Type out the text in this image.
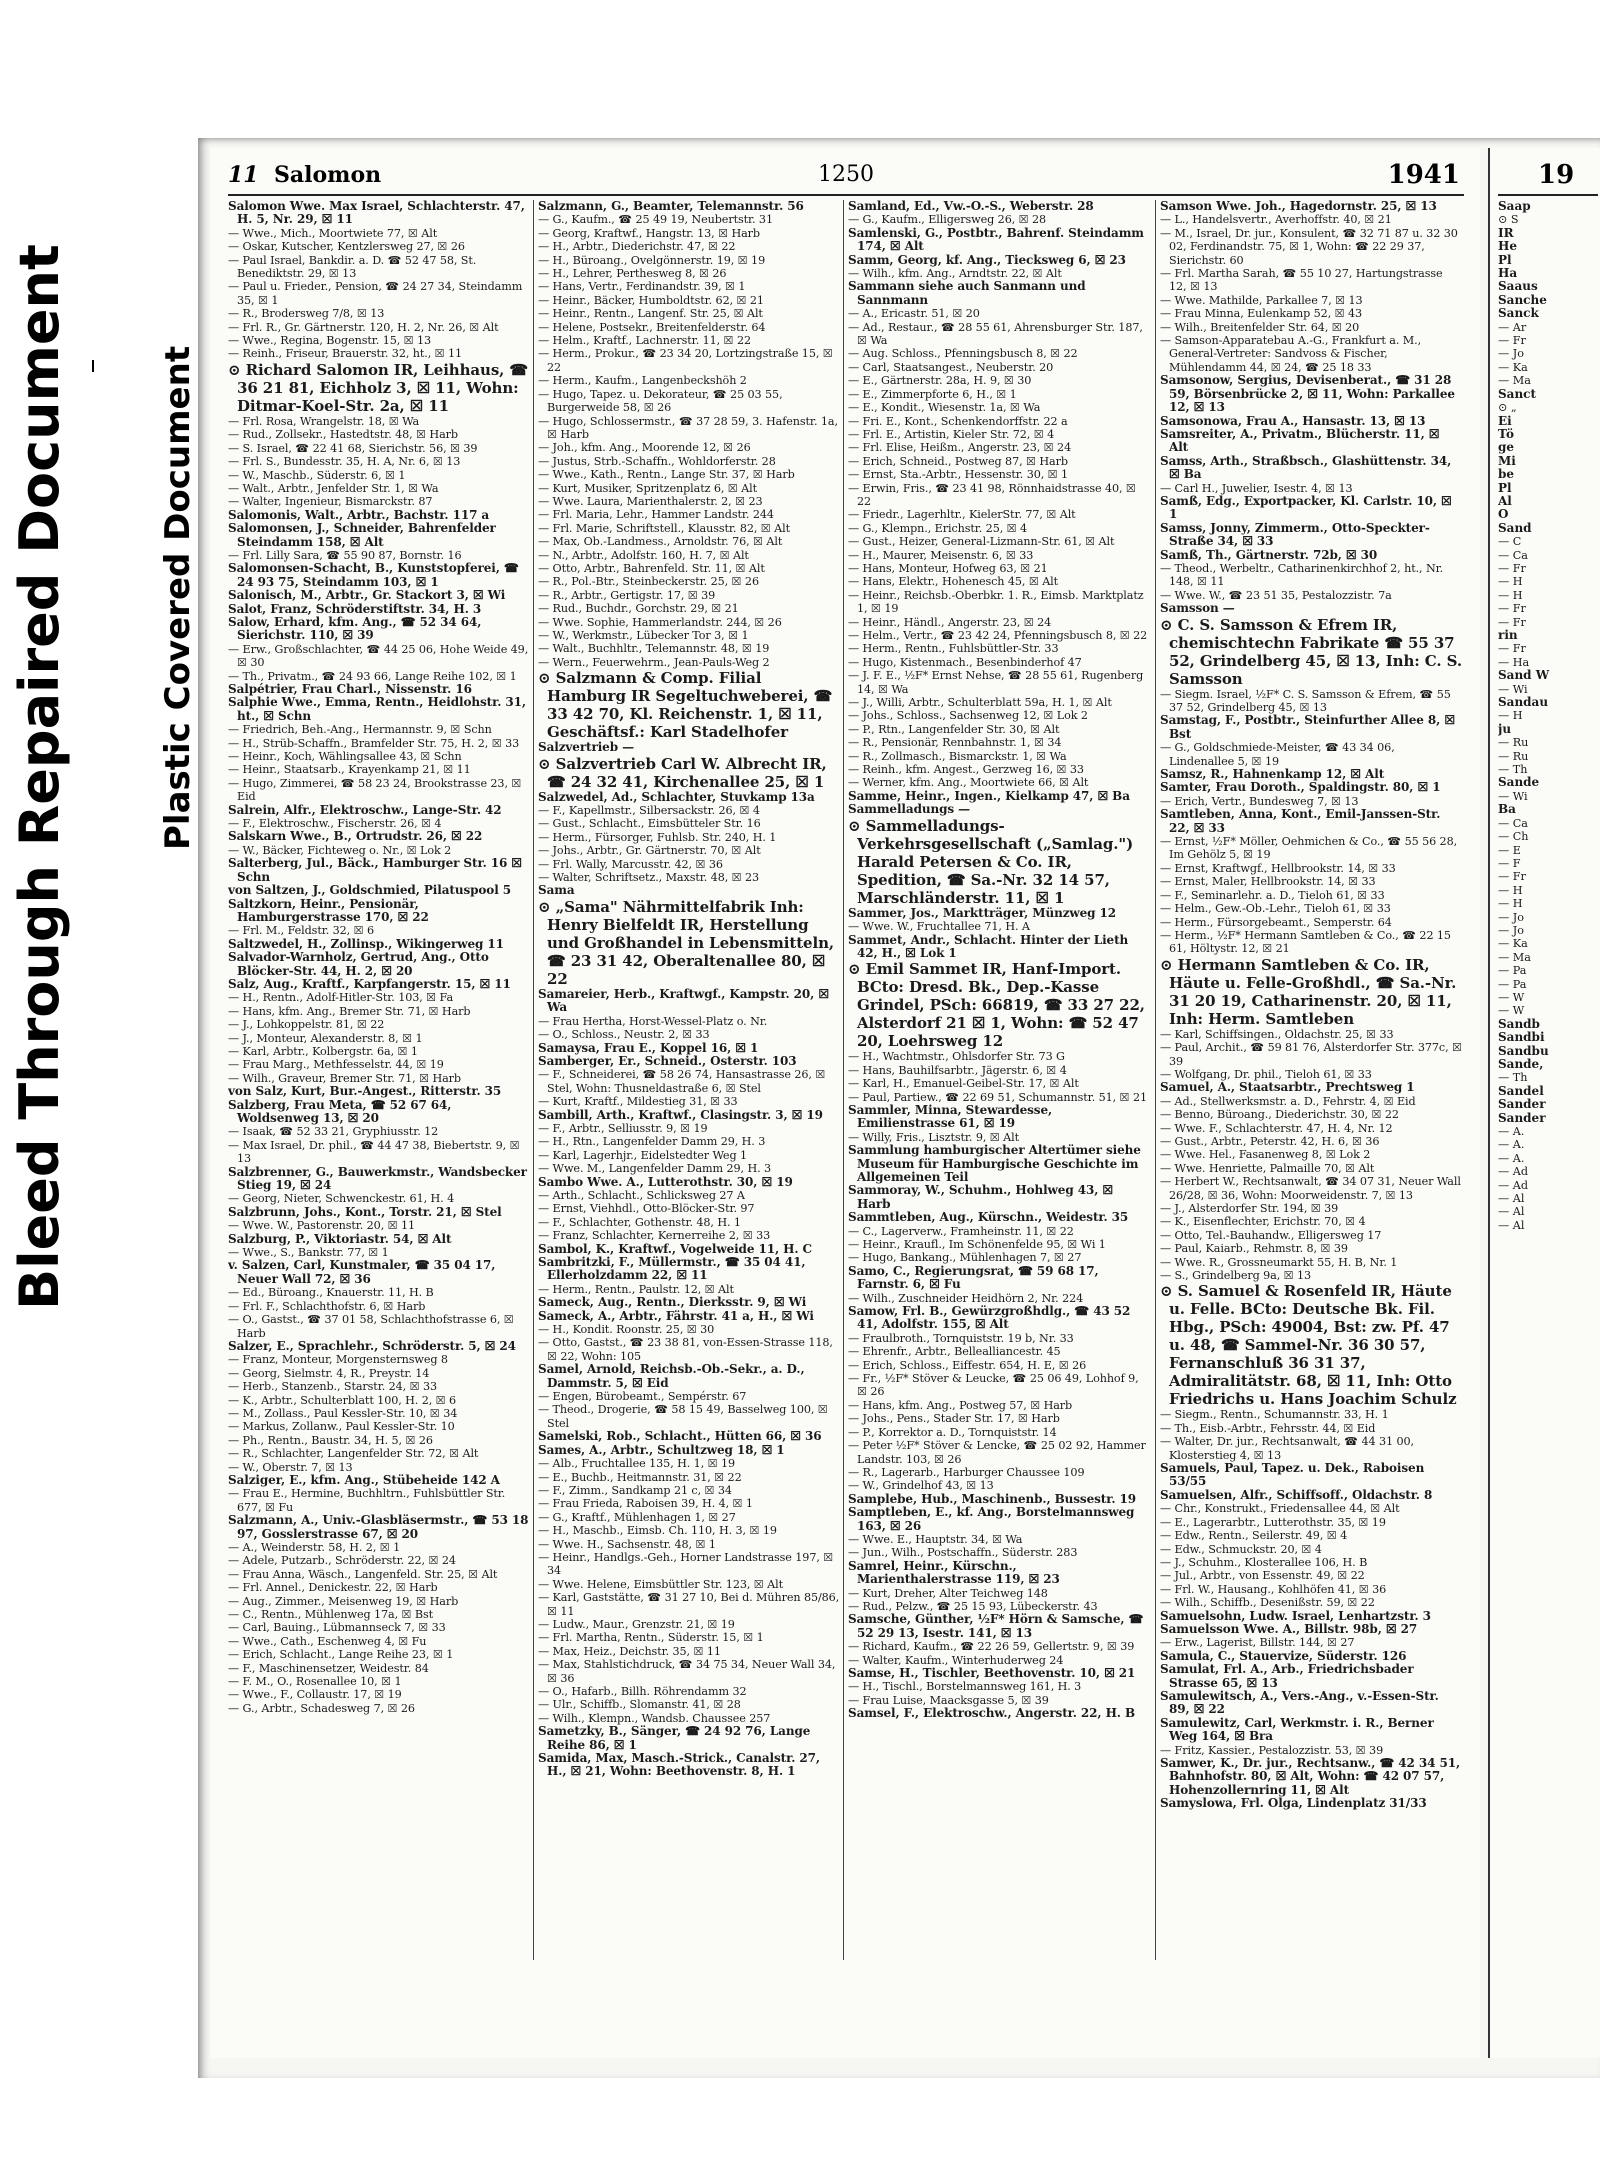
Bleed Through Repaired Document	Plastic Covered Document
11 Salomon	1250	1941

Salomon Wwe. Max Israel, Schlachterstr. 47, H. 5, Nr. 29, ☒ 11

— Wwe., Mich., Moortwiete 77, ☒ Alt

— Oskar, Kutscher, Kentzlersweg 27, ☒ 26

— Paul Israel, Bankdir. a. D. ☎ 52 47 58, St. Benediktstr. 29, ☒ 13

— Paul u. Frieder., Pension, ☎ 24 27 34, Steindamm 35, ☒ 1

— R., Brodersweg 7/8, ☒ 13

— Frl. R., Gr. Gärtnerstr. 120, H. 2, Nr. 26, ☒ Alt

— Wwe., Regina, Bogenstr. 15, ☒ 13

— Reinh., Friseur, Brauerstr. 32, ht., ☒ 11

⊙ Richard Salomon IR, Leihhaus, ☎ 36 21 81, Eichholz 3, ☒ 11, Wohn: Ditmar-Koel-Str. 2a, ☒ 11

— Frl. Rosa, Wrangelstr. 18, ☒ Wa

— Rud., Zollsekr., Hastedtstr. 48, ☒ Harb

— S. Israel, ☎ 22 41 68, Sierichstr. 56, ☒ 39

— Frl. S., Bundesstr. 35, H. A, Nr. 6, ☒ 13

— W., Maschb., Süderstr. 6, ☒ 1

— Walt., Arbtr., Jenfelder Str. 1, ☒ Wa

— Walter, Ingenieur, Bismarckstr. 87

Salomonis, Walt., Arbtr., Bachstr. 117 a

Salomonsen, J., Schneider, Bahrenfelder Steindamm 158, ☒ Alt

— Frl. Lilly Sara, ☎ 55 90 87, Bornstr. 16

Salomonsen-Schacht, B., Kunststopferei, ☎ 24 93 75, Steindamm 103, ☒ 1

Salonisch, M., Arbtr., Gr. Stackort 3, ☒ Wi

Salot, Franz, Schröderstiftstr. 34, H. 3

Salow, Erhard, kfm. Ang., ☎ 52 34 64, Sierichstr. 110, ☒ 39

— Erw., Großschlachter, ☎ 44 25 06, Hohe Weide 49, ☒ 30

— Th., Privatm., ☎ 24 93 66, Lange Reihe 102, ☒ 1

Salpétrier, Frau Charl., Nissenstr. 16

Salphie Wwe., Emma, Rentn., Heidlohstr. 31, ht., ☒ Schn

— Friedrich, Beh.-Ang., Hermannstr. 9, ☒ Schn

— H., Strüb-Schaffn., Bramfelder Str. 75, H. 2, ☒ 33

— Heinr., Koch, Wählingsallee 43, ☒ Schn

— Heinr., Staatsarb., Krayenkamp 21, ☒ 11

— Hugo, Zimmerei, ☎ 58 23 24, Brookstrasse 23, ☒ Eid

Salrein, Alfr., Elektroschw., Lange-Str. 42

— F., Elektroschw., Fischerstr. 26, ☒ 4

Salskarn Wwe., B., Ortrudstr. 26, ☒ 22

— W., Bäcker, Fichteweg o. Nr., ☒ Lok 2

Salterberg, Jul., Bäck., Hamburger Str. 16 ☒ Schn

von Saltzen, J., Goldschmied, Pilatuspool 5

Saltzkorn, Heinr., Pensionär, Hamburgerstrasse 170, ☒ 22

— Frl. M., Feldstr. 32, ☒ 6

Saltzwedel, H., Zollinsp., Wikingerweg 11

Salvador-Warnholz, Gertrud, Ang., Otto Blöcker-Str. 44, H. 2, ☒ 20

Salz, Aug., Kraftf., Karpfangerstr. 15, ☒ 11

— H., Rentn., Adolf-Hitler-Str. 103, ☒ Fa

— Hans, kfm. Ang., Bremer Str. 71, ☒ Harb

— J., Lohkoppelstr. 81, ☒ 22

— J., Monteur, Alexanderstr. 8, ☒ 1

— Karl, Arbtr., Kolbergstr. 6a, ☒ 1

— Frau Marg., Methfesselstr. 44, ☒ 19

— Wilh., Graveur, Bremer Str. 71, ☒ Harb

von Salz, Kurt, Bur.-Angest., Ritterstr. 35

Salzberg, Frau Meta, ☎ 52 67 64, Woldsenweg 13, ☒ 20

— Isaak, ☎ 52 33 21, Gryphiusstr. 12

— Max Israel, Dr. phil., ☎ 44 47 38, Biebertstr. 9, ☒ 13

Salzbrenner, G., Bauwerkmstr., Wandsbecker Stieg 19, ☒ 24

— Georg, Nieter, Schwenckestr. 61, H. 4

Salzbrunn, Johs., Kont., Torstr. 21, ☒ Stel

— Wwe. W., Pastorenstr. 20, ☒ 11

Salzburg, P., Viktoriastr. 54, ☒ Alt

— Wwe., S., Bankstr. 77, ☒ 1

v. Salzen, Carl, Kunstmaler, ☎ 35 04 17, Neuer Wall 72, ☒ 36

— Ed., Büroang., Knauerstr. 11, H. B

— Frl. F., Schlachthofstr. 6, ☒ Harb

— O., Gastst., ☎ 37 01 58, Schlachthofstrasse 6, ☒ Harb

Salzer, E., Sprachlehr., Schröderstr. 5, ☒ 24

— Franz, Monteur, Morgensternsweg 8

— Georg, Sielmstr. 4, R., Preystr. 14

— Herb., Stanzenb., Starstr. 24, ☒ 33

— K., Arbtr., Schulterblatt 100, H. 2, ☒ 6

— M., Zollass., Paul Kessler-Str. 10, ☒ 34

— Markus, Zollanw., Paul Kessler-Str. 10

— Ph., Rentn., Baustr. 34, H. 5, ☒ 26

— R., Schlachter, Langenfelder Str. 72, ☒ Alt

— W., Oberstr. 7, ☒ 13

Salziger, E., kfm. Ang., Stübeheide 142 A

— Frau E., Hermine, Buchhltrn., Fuhlsbüttler Str. 677, ☒ Fu

Salzmann, A., Univ.-Glasbläsermstr., ☎ 53 18 97, Gosslerstrasse 67, ☒ 20

— A., Weinderstr. 58, H. 2, ☒ 1

— Adele, Putzarb., Schröderstr. 22, ☒ 24

— Frau Anna, Wäsch., Langenfeld. Str. 25, ☒ Alt

— Frl. Annel., Denickestr. 22, ☒ Harb

— Aug., Zimmer., Meisenweg 19, ☒ Harb

— C., Rentn., Mühlenweg 17a, ☒ Bst

— Carl, Bauing., Lübmannseck 7, ☒ 33

— Wwe., Cath., Eschenweg 4, ☒ Fu

— Erich, Schlacht., Lange Reihe 23, ☒ 1

— F., Maschinensetzer, Weidestr. 84

— F. M., O., Rosenallee 10, ☒ 1

— Wwe., F., Collaustr. 17, ☒ 19

— G., Arbtr., Schadesweg 7, ☒ 26

Salzmann, G., Beamter, Telemannstr. 56

— G., Kaufm., ☎ 25 49 19, Neubertstr. 31

— Georg, Kraftwf., Hangstr. 13, ☒ Harb

— H., Arbtr., Diederichstr. 47, ☒ 22

— H., Büroang., Ovelgönnerstr. 19, ☒ 19

— H., Lehrer, Perthesweg 8, ☒ 26

— Hans, Vertr., Ferdinandstr. 39, ☒ 1

— Heinr., Bäcker, Humboldtstr. 62, ☒ 21

— Heinr., Rentn., Langenf. Str. 25, ☒ Alt

— Helene, Postsekr., Breitenfelderstr. 64

— Helm., Kraftf., Lachnerstr. 11, ☒ 22

— Herm., Prokur., ☎ 23 34 20, Lortzingstraße 15, ☒ 22

— Herm., Kaufm., Langenbeckshöh 2

— Hugo, Tapez. u. Dekorateur, ☎ 25 03 55, Burgerweide 58, ☒ 26

— Hugo, Schlossermstr., ☎ 37 28 59, 3. Hafenstr. 1a, ☒ Harb

— Joh., kfm. Ang., Moorende 12, ☒ 26

— Justus, Strb.-Schaffn., Wohldorferstr. 28

— Wwe., Kath., Rentn., Lange Str. 37, ☒ Harb

— Kurt, Musiker, Spritzenplatz 6, ☒ Alt

— Wwe. Laura, Marienthalerstr. 2, ☒ 23

— Frl. Maria, Lehr., Hammer Landstr. 244

— Frl. Marie, Schriftstell., Klausstr. 82, ☒ Alt

— Max, Ob.-Landmess., Arnoldstr. 76, ☒ Alt

— N., Arbtr., Adolfstr. 160, H. 7, ☒ Alt

— Otto, Arbtr., Bahrenfeld. Str. 11, ☒ Alt

— R., Pol.-Btr., Steinbeckerstr. 25, ☒ 26

— R., Arbtr., Gertigstr. 17, ☒ 39

— Rud., Buchdr., Gorchstr. 29, ☒ 21

— Wwe. Sophie, Hammerlandstr. 244, ☒ 26

— W., Werkmstr., Lübecker Tor 3, ☒ 1

— Walt., Buchhltr., Telemannstr. 48, ☒ 19

— Wern., Feuerwehrm., Jean-Pauls-Weg 2

⊙ Salzmann & Comp. Filial Hamburg IR Segeltuchweberei, ☎ 33 42 70, Kl. Reichenstr. 1, ☒ 11, Geschäftsf.: Karl Stadelhofer

Salzvertrieb —

⊙ Salzvertrieb Carl W. Albrecht IR, ☎ 24 32 41, Kirchenallee 25, ☒ 1

Salzwedel, Ad., Schlachter, Stuvkamp 13a

— F., Kapellmstr., Silbersackstr. 26, ☒ 4

— Gust., Schlacht., Eimsbütteler Str. 16

— Herm., Fürsorger, Fuhlsb. Str. 240, H. 1

— Johs., Arbtr., Gr. Gärtnerstr. 70, ☒ Alt

— Frl. Wally, Marcusstr. 42, ☒ 36

— Walter, Schriftsetz., Maxstr. 48, ☒ 23

Sama

⊙ „Sama" Nährmittelfabrik Inh: Henry Bielfeldt IR, Herstellung und Großhandel in Lebensmitteln, ☎ 23 31 42, Oberaltenallee 80, ☒ 22

Samareier, Herb., Kraftwgf., Kampstr. 20, ☒ Wa

— Frau Hertha, Horst-Wessel-Platz o. Nr.

— O., Schloss., Neustr. 2, ☒ 33

Samaysa, Frau E., Koppel 16, ☒ 1

Samberger, Er., Schneid., Osterstr. 103

— F., Schneiderei, ☎ 58 26 74, Hansastrasse 26, ☒ Stel, Wohn: Thusneldastraße 6, ☒ Stel

— Kurt, Kraftf., Mildestieg 31, ☒ 33

Sambill, Arth., Kraftwf., Clasingstr. 3, ☒ 19

— F., Arbtr., Selliusstr. 9, ☒ 19

— H., Rtn., Langenfelder Damm 29, H. 3

— Karl, Lagerhjr., Eidelstedter Weg 1

— Wwe. M., Langenfelder Damm 29, H. 3

Sambo Wwe. A., Lutterothstr. 30, ☒ 19

— Arth., Schlacht., Schlicksweg 27 A

— Ernst, Viehhdl., Otto-Blöcker-Str. 97

— F., Schlachter, Gothenstr. 48, H. 1

— Franz, Schlachter, Kernerreihe 2, ☒ 33

Sambol, K., Kraftwf., Vogelweide 11, H. C

Sambritzki, F., Müllermstr., ☎ 35 04 41, Ellerholzdamm 22, ☒ 11

— Herm., Rentn., Paulstr. 12, ☒ Alt

Sameck, Aug., Rentn., Dierksstr. 9, ☒ Wi

Sameck, A., Arbtr., Fährstr. 41 a, H., ☒ Wi

— H., Kondit. Roonstr. 25, ☒ 30

— Otto, Gastst., ☎ 23 38 81, von-Essen-Strasse 118, ☒ 22, Wohn: 105

Samel, Arnold, Reichsb.-Ob.-Sekr., a. D., Dammstr. 5, ☒ Eid

— Engen, Bürobeamt., Sempérstr. 67

— Theod., Drogerie, ☎ 58 15 49, Basselweg 100, ☒ Stel

Samelski, Rob., Schlacht., Hütten 66, ☒ 36

Sames, A., Arbtr., Schultzweg 18, ☒ 1

— Alb., Fruchtallee 135, H. 1, ☒ 19

— E., Buchb., Heitmannstr. 31, ☒ 22

— F., Zimm., Sandkamp 21 c, ☒ 34

— Frau Frieda, Raboisen 39, H. 4, ☒ 1

— G., Kraftf., Mühlenhagen 1, ☒ 27

— H., Maschb., Eimsb. Ch. 110, H. 3, ☒ 19

— Wwe. H., Sachsenstr. 48, ☒ 1

— Heinr., Handlgs.-Geh., Horner Landstrasse 197, ☒ 34

— Wwe. Helene, Eimsbüttler Str. 123, ☒ Alt

— Karl, Gaststätte, ☎ 31 27 10, Bei d. Mühren 85/86, ☒ 11

— Ludw., Maur., Grenzstr. 21, ☒ 19

— Frl. Martha, Rentn., Süderstr. 15, ☒ 1

— Max, Heiz., Deichstr. 35, ☒ 11

— Max, Stahlstichdruck, ☎ 34 75 34, Neuer Wall 34, ☒ 36

— O., Hafarb., Billh. Röhrendamm 32

— Ulr., Schiffb., Slomanstr. 41, ☒ 28

— Wilh., Klempn., Wandsb. Chaussee 257

Sametzky, B., Sänger, ☎ 24 92 76, Lange Reihe 86, ☒ 1

Samida, Max, Masch.-Strick., Canalstr. 27, H., ☒ 21, Wohn: Beethovenstr. 8, H. 1

Samland, Ed., Vw.-O.-S., Weberstr. 28

— G., Kaufm., Elligersweg 26, ☒ 28

Samlenski, G., Postbtr., Bahrenf. Steindamm 174, ☒ Alt

Samm, Georg, kf. Ang., Tiecksweg 6, ☒ 23

— Wilh., kfm. Ang., Arndtstr. 22, ☒ Alt

Sammann siehe auch Sanmann und Sannmann

— A., Ericastr. 51, ☒ 20

— Ad., Restaur., ☎ 28 55 61, Ahrensburger Str. 187, ☒ Wa

— Aug. Schloss., Pfenningsbusch 8, ☒ 22

— Carl, Staatsangest., Neuberstr. 20

— E., Gärtnerstr. 28a, H. 9, ☒ 30

— E., Zimmerpforte 6, H., ☒ 1

— E., Kondit., Wiesenstr. 1a, ☒ Wa

— Fri. E., Kont., Schenkendorffstr. 22 a

— Frl. E., Artistin, Kieler Str. 72, ☒ 4

— Frl. Elise, Heißm., Angerstr. 23, ☒ 24

— Erich, Schneid., Postweg 87, ☒ Harb

— Ernst, Sta.-Arbtr., Hessenstr. 30, ☒ 1

— Erwin, Fris., ☎ 23 41 98, Rönnhaidstrasse 40, ☒ 22

— Friedr., Lagerhltr., KielerStr. 77, ☒ Alt

— G., Klempn., Erichstr. 25, ☒ 4

— Gust., Heizer, General-Lizmann-Str. 61, ☒ Alt

— H., Maurer, Meisenstr. 6, ☒ 33

— Hans, Monteur, Hofweg 63, ☒ 21

— Hans, Elektr., Hohenesch 45, ☒ Alt

— Heinr., Reichsb.-Oberbkr. 1. R., Eimsb. Marktplatz 1, ☒ 19

— Heinr., Händl., Angerstr. 23, ☒ 24

— Helm., Vertr., ☎ 23 42 24, Pfenningsbusch 8, ☒ 22

— Herm., Rentn., Fuhlsbüttler-Str. 33

— Hugo, Kistenmach., Besenbinderhof 47

— J. F. E., ½F* Ernst Nehse, ☎ 28 55 61, Rugenberg 14, ☒ Wa

— J., Willi, Arbtr., Schulterblatt 59a, H. 1, ☒ Alt

— Johs., Schloss., Sachsenweg 12, ☒ Lok 2

— P., Rtn., Langenfelder Str. 30, ☒ Alt

— R., Pensionär, Rennbahnstr. 1, ☒ 34

— R., Zollmasch., Bismarckstr. 1, ☒ Wa

— Reinh., kfm. Angest., Gerzweg 16, ☒ 33

— Werner, kfm. Ang., Moortwiete 66, ☒ Alt

Samme, Heinr., Ingen., Kielkamp 47, ☒ Ba

Sammelladungs —

⊙ Sammelladungs-Verkehrsgesellschaft („Samlag.") Harald Petersen & Co. IR, Spedition, ☎ Sa.-Nr. 32 14 57, Marschländerstr. 11, ☒ 1

Sammer, Jos., Marktträger, Münzweg 12

— Wwe. W., Fruchtallee 71, H. A

Sammet, Andr., Schlacht. Hinter der Lieth 42, H., ☒ Lok 1

⊙ Emil Sammet IR, Hanf-Import. BCto: Dresd. Bk., Dep.-Kasse Grindel, PSch: 66819, ☎ 33 27 22, Alsterdorf 21 ☒ 1, Wohn: ☎ 52 47 20, Loehrsweg 12

— H., Wachtmstr., Ohlsdorfer Str. 73 G

— Hans, Bauhilfsarbtr., Jägerstr. 6, ☒ 4

— Karl, H., Emanuel-Geibel-Str. 17, ☒ Alt

— Paul, Partiew., ☎ 22 69 51, Schumannstr. 51, ☒ 21

Sammler, Minna, Stewardesse, Emilienstrasse 61, ☒ 19

— Willy, Fris., Lisztstr. 9, ☒ Alt

Sammlung hamburgischer Altertümer siehe Museum für Hamburgische Geschichte im Allgemeinen Teil

Sammoray, W., Schuhm., Hohlweg 43, ☒ Harb

Sammtleben, Aug., Kürschn., Weidestr. 35

— C., Lagerverw., Framheinstr. 11, ☒ 22

— Heinr., Kraufl., Im Schönenfelde 95, ☒ Wi 1

— Hugo, Bankang., Mühlenhagen 7, ☒ 27

Samo, C., Regierungsrat, ☎ 59 68 17, Farnstr. 6, ☒ Fu

— Wilh., Zuschneider Heidhörn 2, Nr. 224

Samow, Frl. B., Gewürzgroßhdlg., ☎ 43 52 41, Adolfstr. 155, ☒ Alt

— Fraulbroth., Tornquiststr. 19 b, Nr. 33

— Ehrenfr., Arbtr., Bellealliancestr. 45

— Erich, Schloss., Eiffestr. 654, H. E, ☒ 26

— Fr., ½F* Stöver & Leucke, ☎ 25 06 49, Lohhof 9, ☒ 26

— Hans, kfm. Ang., Postweg 57, ☒ Harb

— Johs., Pens., Stader Str. 17, ☒ Harb

— P., Korrektor a. D., Tornquiststr. 14

— Peter ½F* Stöver & Lencke, ☎ 25 02 92, Hammer Landstr. 103, ☒ 26

— R., Lagerarb., Harburger Chaussee 109

— W., Grindelhof 43, ☒ 13

Samplebe, Hub., Maschinenb., Bussestr. 19

Samptleben, E., kf. Ang., Borstelmannsweg 163, ☒ 26

— Wwe. E., Hauptstr. 34, ☒ Wa

— Jun., Wilh., Postschaffn., Süderstr. 283

Samrel, Heinr., Kürschn., Marienthalerstrasse 119, ☒ 23

— Kurt, Dreher, Alter Teichweg 148

— Rud., Pelzw., ☎ 25 15 93, Lübeckerstr. 43

Samsche, Günther, ½F* Hörn & Samsche, ☎ 52 29 13, Isestr. 141, ☒ 13

— Richard, Kaufm., ☎ 22 26 59, Gellertstr. 9, ☒ 39

— Walter, Kaufm., Winterhuderweg 24

Samse, H., Tischler, Beethovenstr. 10, ☒ 21

— H., Tischl., Borstelmannsweg 161, H. 3

— Frau Luise, Maacksgasse 5, ☒ 39

Samsel, F., Elektroschw., Angerstr. 22, H. B

Samson Wwe. Joh., Hagedornstr. 25, ☒ 13

— L., Handelsvertr., Averhoffstr. 40, ☒ 21

— M., Israel, Dr. jur., Konsulent, ☎ 32 71 87 u. 32 30 02, Ferdinandstr. 75, ☒ 1, Wohn: ☎ 22 29 37, Sierichstr. 60

— Frl. Martha Sarah, ☎ 55 10 27, Hartungstrasse 12, ☒ 13

— Wwe. Mathilde, Parkallee 7, ☒ 13

— Frau Minna, Eulenkamp 52, ☒ 43

— Wilh., Breitenfelder Str. 64, ☒ 20

— Samson-Apparatebau A.-G., Frankfurt a. M., General-Vertreter: Sandvoss & Fischer, Mühlendamm 44, ☒ 24, ☎ 25 18 33

Samsonow, Sergius, Devisenberat., ☎ 31 28 59, Börsenbrücke 2, ☒ 11, Wohn: Parkallee 12, ☒ 13

Samsonowa, Frau A., Hansastr. 13, ☒ 13

Samsreiter, A., Privatm., Blücherstr. 11, ☒ Alt

Samss, Arth., Straßbsch., Glashüttenstr. 34, ☒ Ba

— Carl H., Juwelier, Isestr. 4, ☒ 13

Samß, Edg., Exportpacker, Kl. Carlstr. 10, ☒ 1

Samss, Jonny, Zimmerm., Otto-Speckter-Straße 34, ☒ 33

Samß, Th., Gärtnerstr. 72b, ☒ 30

— Theod., Werbeltr., Catharinenkirchhof 2, ht., Nr. 148, ☒ 11

— Wwe. W., ☎ 23 51 35, Pestalozzistr. 7a

Samsson —

⊙ C. S. Samsson & Efrem IR, chemischtechn Fabrikate ☎ 55 37 52, Grindelberg 45, ☒ 13, Inh: C. S. Samsson

— Siegm. Israel, ½F* C. S. Samsson & Efrem, ☎ 55 37 52, Grindelberg 45, ☒ 13

Samstag, F., Postbtr., Steinfurther Allee 8, ☒ Bst

— G., Goldschmiede-Meister, ☎ 43 34 06, Lindenallee 5, ☒ 19

Samsz, R., Hahnenkamp 12, ☒ Alt

Samter, Frau Doroth., Spaldingstr. 80, ☒ 1

— Erich, Vertr., Bundesweg 7, ☒ 13

Samtleben, Anna, Kont., Emil-Janssen-Str. 22, ☒ 33

— Ernst, ½F* Möller, Oehmichen & Co., ☎ 55 56 28, Im Gehölz 5, ☒ 19

— Ernst, Kraftwgf., Hellbrookstr. 14, ☒ 33

— Ernst, Maler, Hellbrookstr. 14, ☒ 33

— F., Seminarlehr. a. D., Tieloh 61, ☒ 33

— Helm., Gew.-Ob.-Lehr., Tieloh 61, ☒ 33

— Herm., Fürsorgebeamt., Semperstr. 64

— Herm., ½F* Hermann Samtleben & Co., ☎ 22 15 61, Höltystr. 12, ☒ 21

⊙ Hermann Samtleben & Co. IR, Häute u. Felle-Großhdl., ☎ Sa.-Nr. 31 20 19, Catharinenstr. 20, ☒ 11, Inh: Herm. Samtleben

— Karl, Schiffsingen., Oldachstr. 25, ☒ 33

— Paul, Archit., ☎ 59 81 76, Alsterdorfer Str. 377c, ☒ 39

— Wolfgang, Dr. phil., Tieloh 61, ☒ 33

Samuel, A., Staatsarbtr., Prechtsweg 1

— Ad., Stellwerksmstr. a. D., Fehrstr. 4, ☒ Eid

— Benno, Büroang., Diederichstr. 30, ☒ 22

— Wwe. F., Schlachterstr. 47, H. 4, Nr. 12

— Gust., Arbtr., Peterstr. 42, H. 6, ☒ 36

— Wwe. Hel., Fasanenweg 8, ☒ Lok 2

— Wwe. Henriette, Palmaille 70, ☒ Alt

— Herbert W., Rechtsanwalt, ☎ 34 07 31, Neuer Wall 26/28, ☒ 36, Wohn: Moorweidenstr. 7, ☒ 13

— J., Alsterdorfer Str. 194, ☒ 39

— K., Eisenflechter, Erichstr. 70, ☒ 4

— Otto, Tel.-Bauhandw., Elligersweg 17

— Paul, Kaiarb., Rehmstr. 8, ☒ 39

— Wwe. R., Grossneumarkt 55, H. B, Nr. 1

— S., Grindelberg 9a, ☒ 13

⊙ S. Samuel & Rosenfeld IR, Häute u. Felle. BCto: Deutsche Bk. Fil. Hbg., PSch: 49004, Bst: zw. Pf. 47 u. 48, ☎ Sammel-Nr. 36 30 57, Fernanschluß 36 31 37, Admiralitätstr. 68, ☒ 11, Inh: Otto Friedrichs u. Hans Joachim Schulz

— Siegm., Rentn., Schumannstr. 33, H. 1

— Th., Eisb.-Arbtr., Fehrsstr. 44, ☒ Eid

— Walter, Dr. jur., Rechtsanwalt, ☎ 44 31 00, Klosterstieg 4, ☒ 13

Samuels, Paul, Tapez. u. Dek., Raboisen 53/55

Samuelsen, Alfr., Schiffsoff., Oldachstr. 8

— Chr., Konstrukt., Friedensallee 44, ☒ Alt

— E., Lagerarbtr., Lutterothstr. 35, ☒ 19

— Edw., Rentn., Seilerstr. 49, ☒ 4

— Edw., Schmuckstr. 20, ☒ 4

— J., Schuhm., Klosterallee 106, H. B

— Jul., Arbtr., von Essenstr. 49, ☒ 22

— Frl. W., Hausang., Kohlhöfen 41, ☒ 36

— Wilh., Schiffb., Desenißstr. 59, ☒ 22

Samuelsohn, Ludw. Israel, Lenhartzstr. 3

Samuelsson Wwe. A., Billstr. 98b, ☒ 27

— Erw., Lagerist, Billstr. 144, ☒ 27

Samula, C., Stauervize, Süderstr. 126

Samulat, Frl. A., Arb., Friedrichsbader Strasse 65, ☒ 13

Samulewitsch, A., Vers.-Ang., v.-Essen-Str. 89, ☒ 22

Samulewitz, Carl, Werkmstr. i. R., Berner Weg 164, ☒ Bra

— Fritz, Kassier., Pestalozzistr. 53, ☒ 39

Samwer, K., Dr. jur., Rechtsanw., ☎ 42 34 51, Bahnhofstr. 80, ☒ Alt, Wohn: ☎ 42 07 57, Hohenzollernring 11, ☒ Alt

Samyslowa, Frl. Olga, Lindenplatz 31/33

19

Saap

⊙ S

IR

He

Pl

Ha

Saaus

Sanche

Sanck

— Ar

— Fr

— Jo

— Ka

— Ma

Sanct

⊙ „

Ei

Tö

ge

Mi

be

Pl

Al

O

Sand

— C

— Ca

— Fr

— H

— H

— Fr

— Fr

rin

— Fr

— Ha

Sand W

— Wi

Sandau

— H

ju

— Ru

— Ru

— Th

Sande

— Wi

Ba

— Ca

— Ch

— E

— F

— Fr

— H

— H

— Jo

— Jo

— Ka

— Ma

— Pa

— Pa

— W

— W

Sandb

Sandbi

Sandbu

Sande,

— Th

Sandel

Sander

Sander

— A.

— A.

— A.

— Ad

— Ad

— Al

— Al

— Al
